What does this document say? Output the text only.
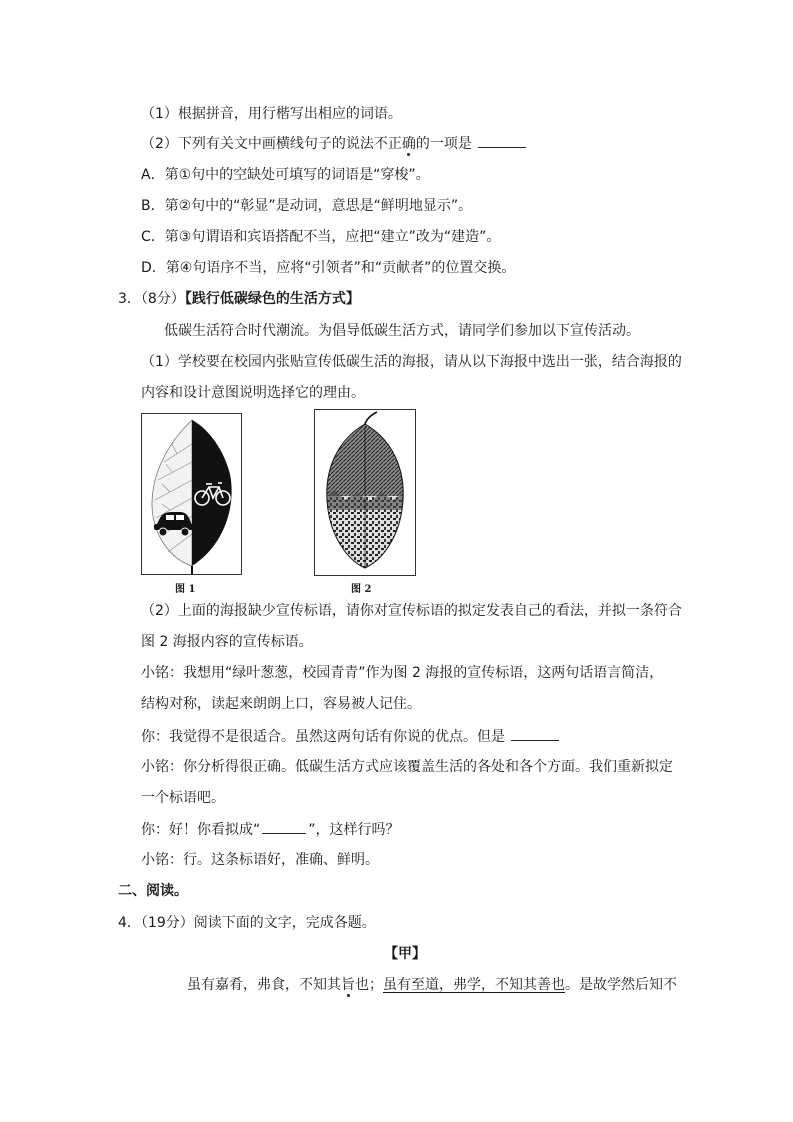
（1）根据拼音，用行楷写出相应的词语。
（2）下列有关文中画横线句子的说法不正确的一项是
A．第①句中的空缺处可填写的词语是“穿梭”。
B．第②句中的“彰显”是动词，意思是“鲜明地显示”。
C．第③句谓语和宾语搭配不当，应把“建立”改为“建造”。
D．第④句语序不当，应将“引领者”和“贡献者”的位置交换。
3．（8分）【践行低碳绿色的生活方式】
低碳生活符合时代潮流。为倡导低碳生活方式，请同学们参加以下宣传活动。
（1）学校要在校园内张贴宣传低碳生活的海报，请从以下海报中选出一张，结合海报的
内容和设计意图说明选择它的理由。
图 1	图 2
（2）上面的海报缺少宣传标语，请你对宣传标语的拟定发表自己的看法，并拟一条符合
图 2 海报内容的宣传标语。
小铭：我想用“绿叶葱葱，校园青青”作为图 2 海报的宣传标语，这两句话语言简洁，
结构对称，读起来朗朗上口，容易被人记住。
你：我觉得不是很适合。虽然这两句话有你说的优点。但是
小铭：你分析得很正确。低碳生活方式应该覆盖生活的各处和各个方面。我们重新拟定
一个标语吧。
你：好！你看拟成“	”，这样行吗？
小铭：行。这条标语好，准确、鲜明。
二、阅读。
4．（19分）阅读下面的文字，完成各题。
【甲】
虽有嘉肴，弗食，不知其旨也；虽有至道，弗学，不知其善也。是故学然后知不
